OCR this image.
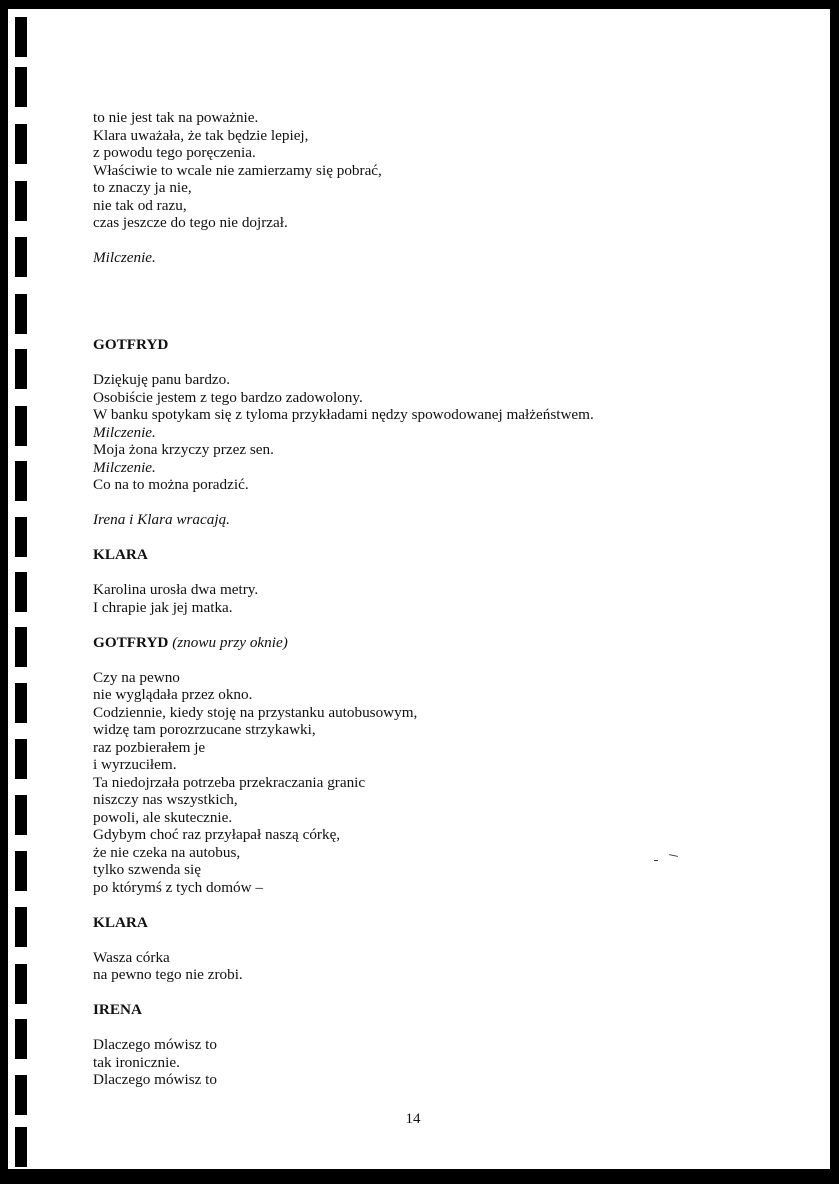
to nie jest tak na poważnie.
Klara uważała, że tak będzie lepiej,
z powodu tego poręczenia.
Właściwie to wcale nie zamierzamy się pobrać,
to znaczy ja nie,
nie tak od razu,
czas jeszcze do tego nie dojrzał.
Milczenie.
GOTFRYD
Dziękuję panu bardzo.
Osobiście jestem z tego bardzo zadowolony.
W banku spotykam się z tyloma przykładami nędzy spowodowanej małżeństwem.
Milczenie.
Moja żona krzyczy przez sen.
Milczenie.
Co na to można poradzić.
Irena i Klara wracają.
KLARA
Karolina urosła dwa metry.
I chrapie jak jej matka.
GOTFRYD (znowu przy oknie)
Czy na pewno
nie wyglądała przez okno.
Codziennie, kiedy stoję na przystanku autobusowym,
widzę tam porozrzucane strzykawki,
raz pozbierałem je
i wyrzuciłem.
Ta niedojrzała potrzeba przekraczania granic
niszczy nas wszystkich,
powoli, ale skutecznie.
Gdybym choć raz przyłapał naszą córkę,
że nie czeka na autobus,
tylko szwenda się
po którymś z tych domów –
KLARA
Wasza córka
na pewno tego nie zrobi.
IRENA
Dlaczego mówisz to
tak ironicznie.
Dlaczego mówisz to
14
